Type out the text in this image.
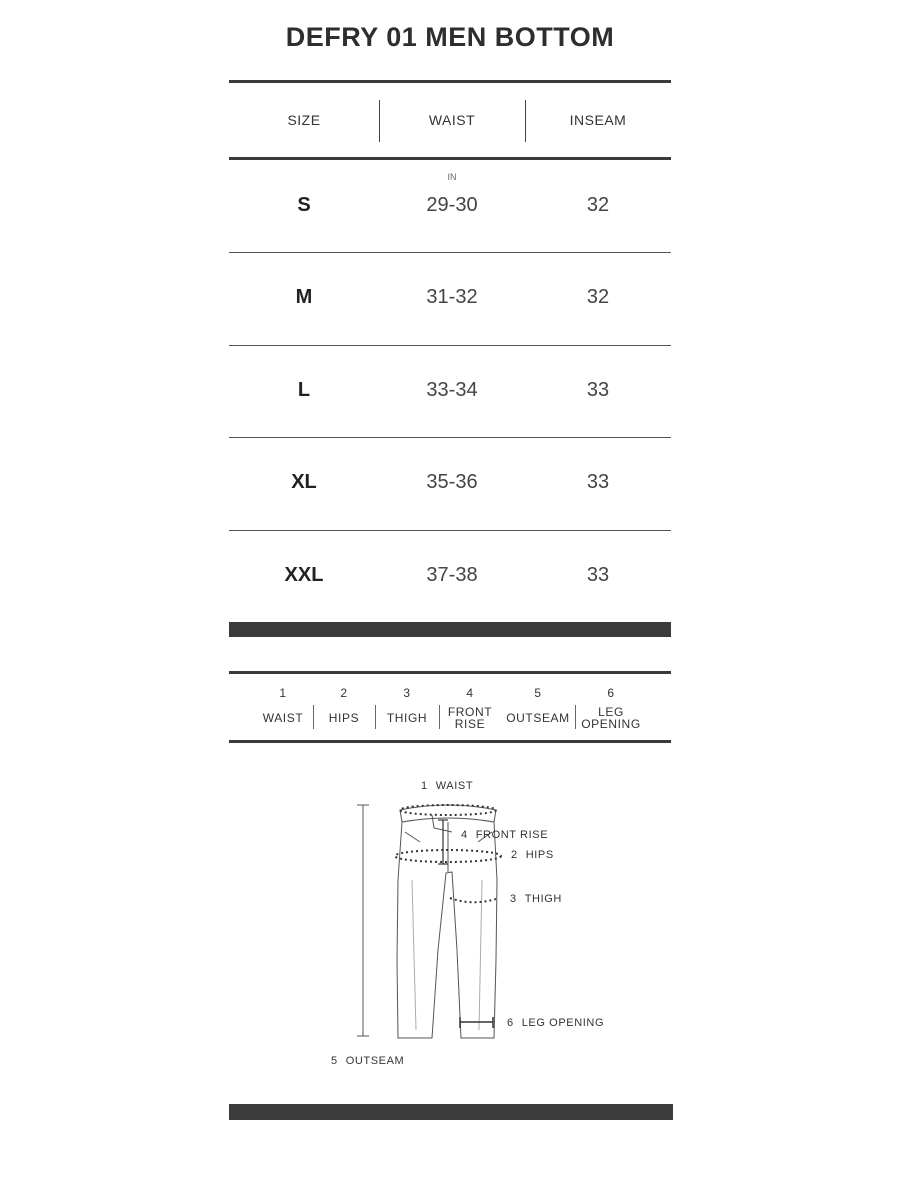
DEFRY 01 MEN BOTTOM
SIZE	WAIST	INSEAM
IN
S	29-30	32
M	31-32	32
L	33-34	33
XL	35-36	33
XXL	37-38	33
1
WAIST
2
HIPS
3
THIGH
4
FRONT
RISE
5
OUTSEAM
6
LEG
OPENING
1 WAIST
4 FRONT RISE
2 HIPS
3 THIGH
6 LEG OPENING
5 OUTSEAM
